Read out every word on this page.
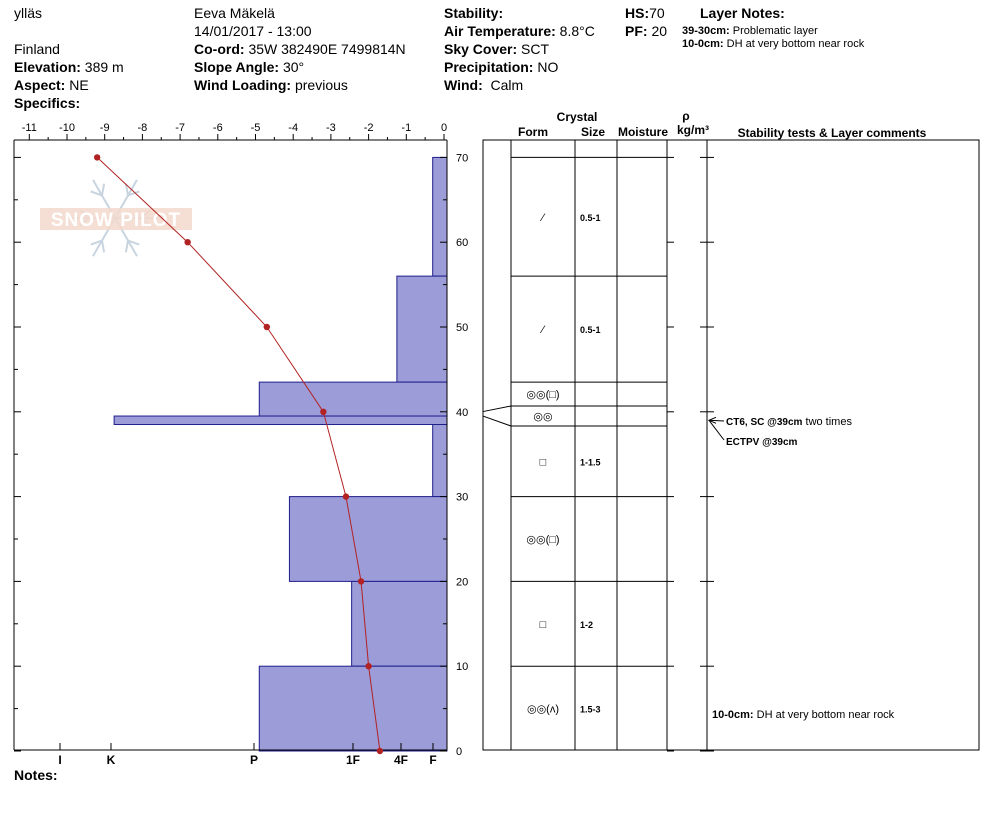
ylläs
Finland
Elevation: 389 m
Aspect: NE
Specifics:
Eeva Mäkelä
14/01/2017 - 13:00
Co-ord: 35W 382490E 7499814N
Slope Angle: 30°
Wind Loading: previous
Stability:
Air Temperature: 8.8°C
Sky Cover: SCT
Precipitation: NO
Wind: Calm
HS:70
PF: 20
Layer Notes:
39-30cm: Problematic layer
10-0cm: DH at very bottom near rock
Notes:
SNOW PILOT
-11 -10 -9	-8	-7	-6	-5	-4	-3	-2	-1	0
0
10
20
30
40
50
60
70
I	K	P	1F	4F F
Crystal
Form	Size Moisture
ρ
kg/m³ Stability tests & Layer comments
⁄	0.5-1
⁄	0.5-1
◎◎(□)
◎◎
□	1-1.5
◎◎(□)
□	1-2
◎◎(ʌ) 1.5-3
CT6, SC @39cm two times
ECTPV @39cm
10-0cm: DH at very bottom near rock
